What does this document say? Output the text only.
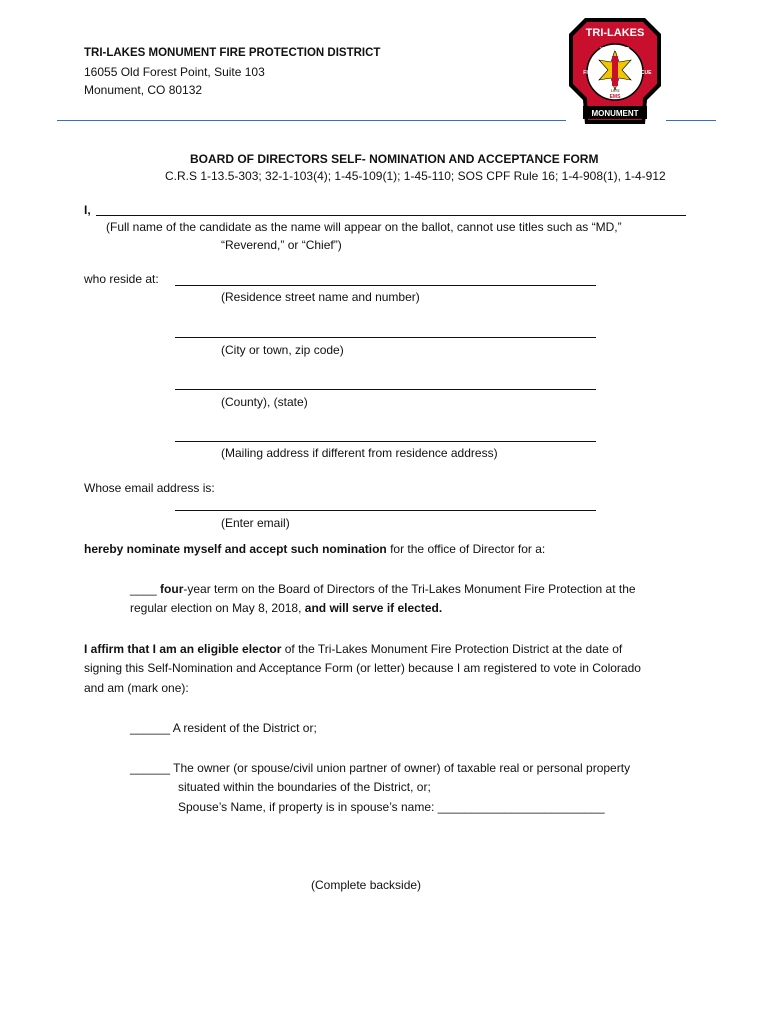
TRI-LAKES MONUMENT FIRE PROTECTION DISTRICT
16055 Old Forest Point, Suite 103
Monument, CO 80132
TRI-LAKES
WILDLAND
FIRE	RESCUE
EMS
1975
MONUMENT
BOARD OF DIRECTORS SELF- NOMINATION AND ACCEPTANCE FORM
C.R.S 1-13.5-303; 32-1-103(4); 1-45-109(1); 1-45-110; SOS CPF Rule 16; 1-4-908(1), 1-4-912
I,
(Full name of the candidate as the name will appear on the ballot, cannot use titles such as “MD,”
“Reverend,” or “Chief”)
who reside at:
(Residence street name and number)
(City or town, zip code)
(County), (state)
(Mailing address if different from residence address)
Whose email address is:
(Enter email)
hereby nominate myself and accept such nomination for the office of Director for a:
____ four-year term on the Board of Directors of the Tri-Lakes Monument Fire Protection at the
regular election on May 8, 2018, and will serve if elected.
I affirm that I am an eligible elector of the Tri-Lakes Monument Fire Protection District at the date of
signing this Self-Nomination and Acceptance Form (or letter) because I am registered to vote in Colorado
and am (mark one):
______ A resident of the District or;
______ The owner (or spouse/civil union partner of owner) of taxable real or personal property
situated within the boundaries of the District, or;
Spouse’s Name, if property is in spouse’s name: _________________________
(Complete backside)
